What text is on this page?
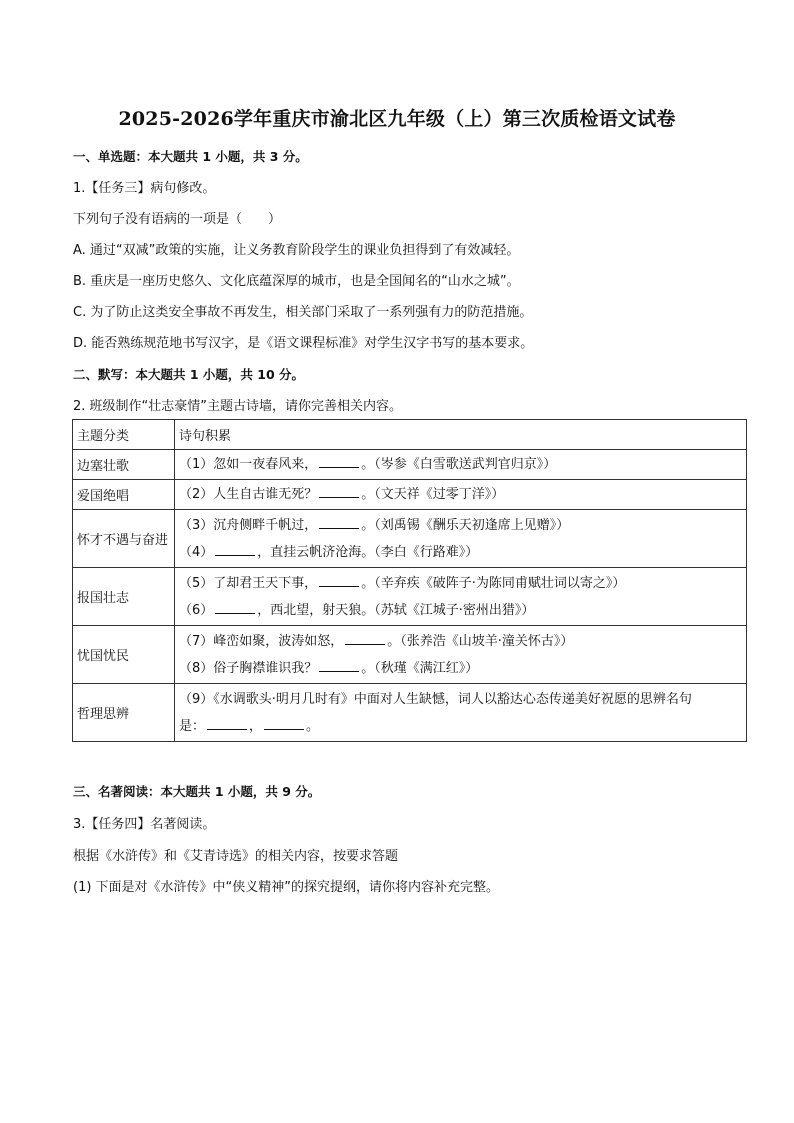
2025-2026学年重庆市渝北区九年级（上）第三次质检语文试卷
一、单选题：本大题共 1 小题，共 3 分。
1.【任务三】病句修改。
下列句子没有语病的一项是（　　）
A. 通过“双减”政策的实施，让义务教育阶段学生的课业负担得到了有效减轻。
B. 重庆是一座历史悠久、文化底蕴深厚的城市，也是全国闻名的“山水之城”。
C. 为了防止这类安全事故不再发生，相关部门采取了一系列强有力的防范措施。
D. 能否熟练规范地书写汉字，是《语文课程标准》对学生汉字书写的基本要求。
二、默写：本大题共 1 小题，共 10 分。
2. 班级制作“壮志豪情”主题古诗墙，请你完善相关内容。
主题分类	诗句积累
边塞壮歌	（1）忽如一夜春风来， 。（岑参《白雪歌送武判官归京》）

爱国绝唱	（2）人生自古谁无死？ 。（文天祥《过零丁洋》）

怀才不遇与奋进	（3）沉舟侧畔千帆过， 。（刘禹锡《酬乐天初逢席上见赠》）
（4） ，直挂云帆济沧海。（李白《行路难》）

报国壮志	（5）了却君王天下事， 。（辛弃疾《破阵子·为陈同甫赋壮词以寄之》）
（6） ，西北望，射天狼。（苏轼《江城子·密州出猎》）

忧国忧民	（7）峰峦如聚，波涛如怒， 。（张养浩《山坡羊·潼关怀古》）
（8）俗子胸襟谁识我？ 。（秋瑾《满江红》）

哲理思辨	（9）《水调歌头·明月几时有》中面对人生缺憾，词人以豁达心态传递美好祝愿的思辨名句
是： ， 。
三、名著阅读：本大题共 1 小题，共 9 分。
3.【任务四】名著阅读。
根据《水浒传》和《艾青诗选》的相关内容，按要求答题
(1) 下面是对《水浒传》中“侠义精神”的探究提纲，请你将内容补充完整。
